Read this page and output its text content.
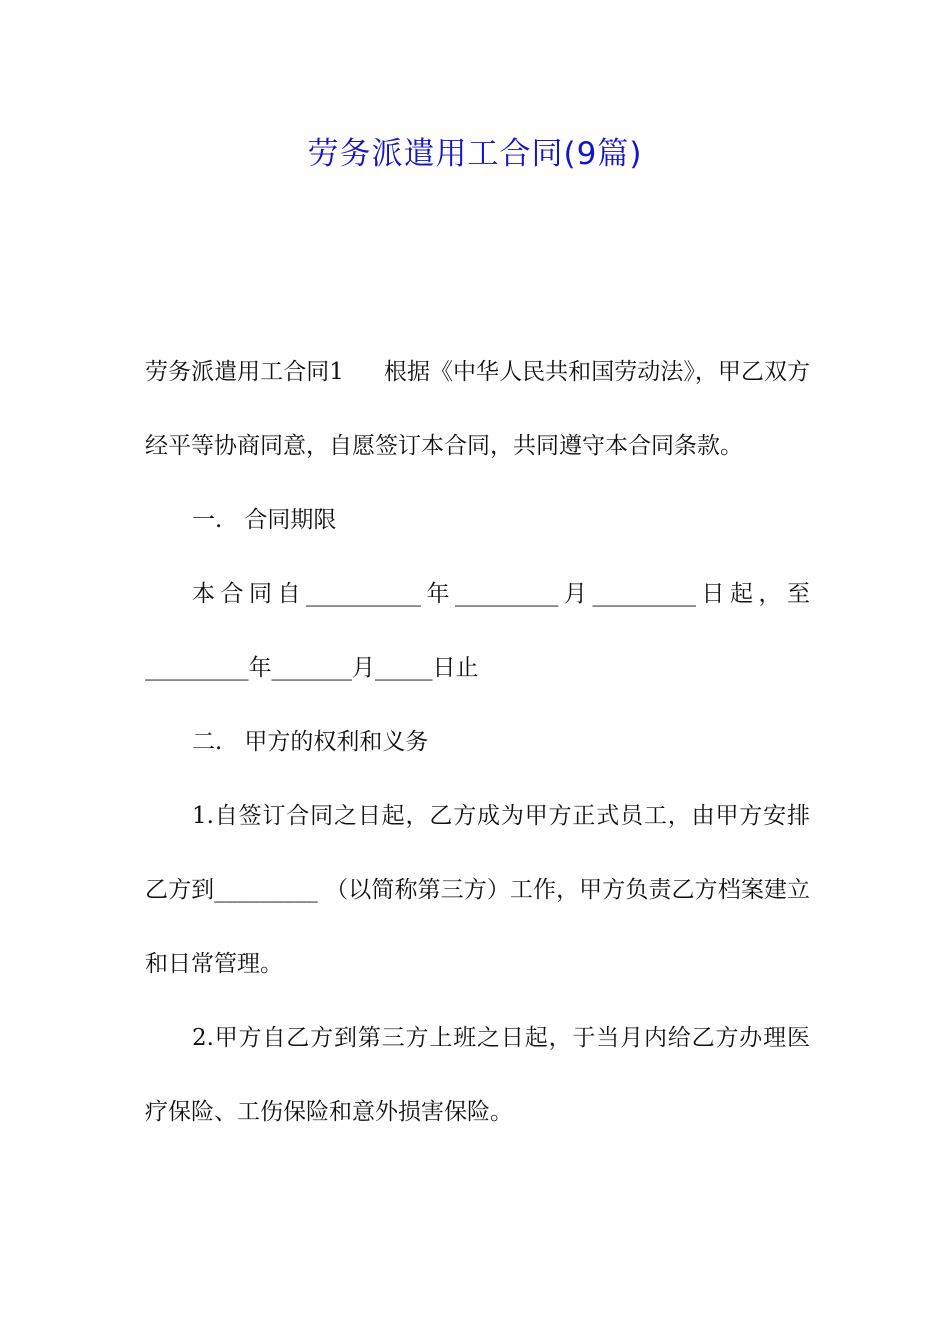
劳务派遣用工合同(9篇)

劳务派遣用工合同1 根据《中华人民共和国劳动法》，甲乙双方经平等协商同意，自愿签订本合同，共同遵守本合同条款。

一. 合同期限

本合同自__________年_________月_________日起，至_________年_______月_____日止

二. 甲方的权利和义务

1.自签订合同之日起，乙方成为甲方正式员工，由甲方安排乙方到_________ （以简称第三方）工作，甲方负责乙方档案建立和日常管理。

2.甲方自乙方到第三方上班之日起，于当月内给乙方办理医疗保险、工伤保险和意外损害保险。
